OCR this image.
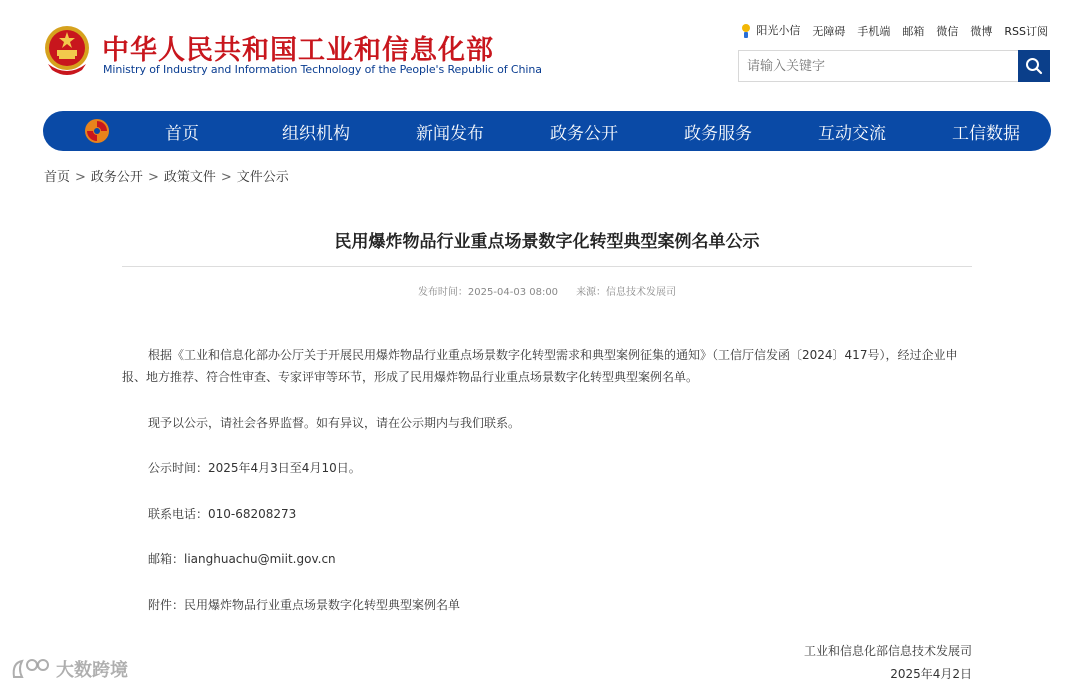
中华人民共和国工业和信息化部
Ministry of Industry and Information Technology of the People's Republic of China
阳光小信 无障碍 手机端 邮箱 微信 微博 RSS订阅
请输入关键字
首页	组织机构	新闻发布	政务公开	政务服务	互动交流	工信数据
首页 > 政务公开 > 政策文件 > 文件公示
民用爆炸物品行业重点场景数字化转型典型案例名单公示
发布时间：2025-04-03 08:00 来源：信息技术发展司
根据《工业和信息化部办公厅关于开展民用爆炸物品行业重点场景数字化转型需求和典型案例征集的通知》（工信厅信发函〔2024〕417号），经过企业申报、地方推荐、符合性审查、专家评审等环节，形成了民用爆炸物品行业重点场景数字化转型典型案例名单。
现予以公示，请社会各界监督。如有异议，请在公示期内与我们联系。
公示时间：2025年4月3日至4月10日。
联系电话：010-68208273
邮箱：lianghuachu@miit.gov.cn
附件：民用爆炸物品行业重点场景数字化转型典型案例名单
工业和信息化部信息技术发展司
2025年4月2日
大数跨境
